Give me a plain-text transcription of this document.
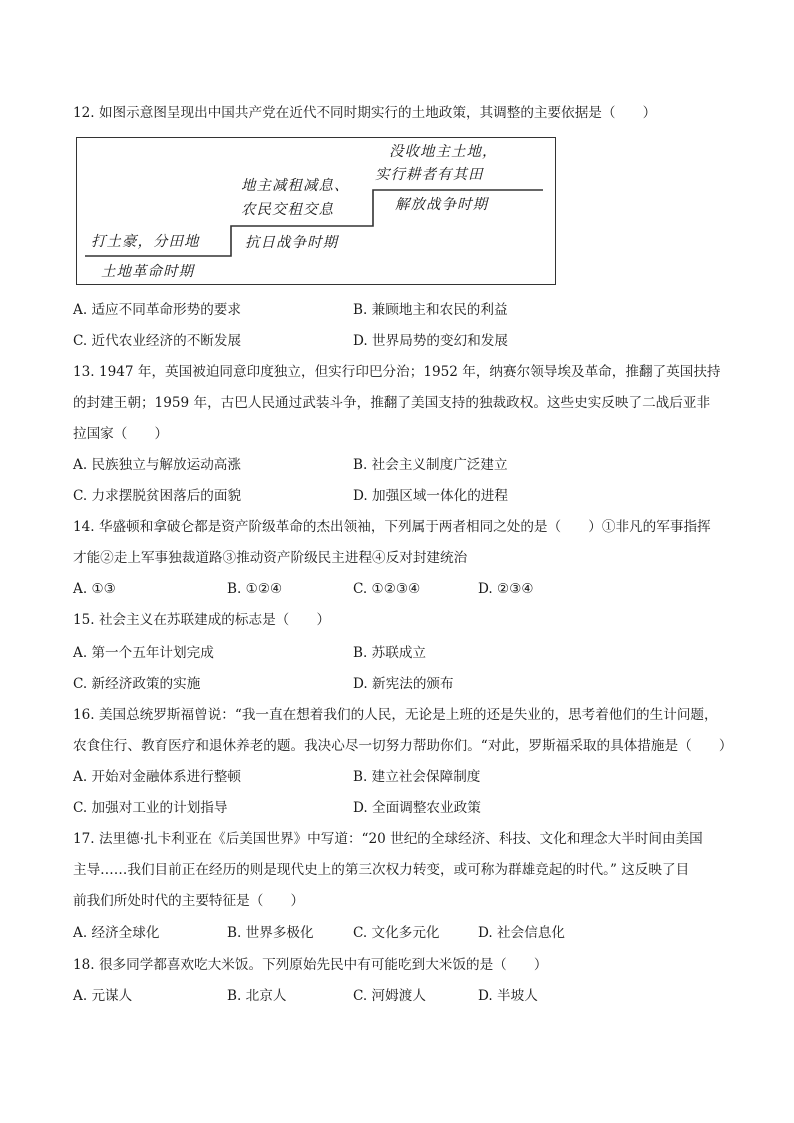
12. 如图示意图呈现出中国共产党在近代不同时期实行的土地政策，其调整的主要依据是（　　）
打土豪，分田地
土地革命时期
地主减租减息、
农民交租交息
抗日战争时期
没收地主土地，
实行耕者有其田
解放战争时期
A. 适应不同革命形势的要求	B. 兼顾地主和农民的利益
C. 近代农业经济的不断发展	D. 世界局势的变幻和发展
13. 1947 年，英国被迫同意印度独立，但实行印巴分治；1952 年，纳赛尔领导埃及革命，推翻了英国扶持
的封建王朝；1959 年，古巴人民通过武装斗争，推翻了美国支持的独裁政权。这些史实反映了二战后亚非
拉国家（　　）
A. 民族独立与解放运动高涨	B. 社会主义制度广泛建立
C. 力求摆脱贫困落后的面貌	D. 加强区域一体化的进程
14. 华盛顿和拿破仑都是资产阶级革命的杰出领袖，下列属于两者相同之处的是（　　）①非凡的军事指挥
才能②走上军事独裁道路③推动资产阶级民主进程④反对封建统治
A. ①③	B. ①②④	C. ①②③④	D. ②③④
15. 社会主义在苏联建成的标志是（　　）
A. 第一个五年计划完成	B. 苏联成立
C. 新经济政策的实施	D. 新宪法的颁布
16. 美国总统罗斯福曾说：“我一直在想着我们的人民，无论是上班的还是失业的，思考着他们的生计问题，
农食住行、教育医疗和退休养老的题。我决心尽一切努力帮助你们。“对此，罗斯福采取的具体措施是（　　）
A. 开始对金融体系进行整顿	B. 建立社会保障制度
C. 加强对工业的计划指导	D. 全面调整农业政策
17. 法里德·扎卡利亚在《后美国世界》中写道：“20 世纪的全球经济、科技、文化和理念大半时间由美国
主导……我们目前正在经历的则是现代史上的第三次权力转变，或可称为群雄竞起的时代。” 这反映了目
前我们所处时代的主要特征是（　　）
A. 经济全球化	B. 世界多极化	C. 文化多元化	D. 社会信息化
18. 很多同学都喜欢吃大米饭。下列原始先民中有可能吃到大米饭的是（　　）
A. 元谋人	B. 北京人	C. 河姆渡人	D. 半坡人
